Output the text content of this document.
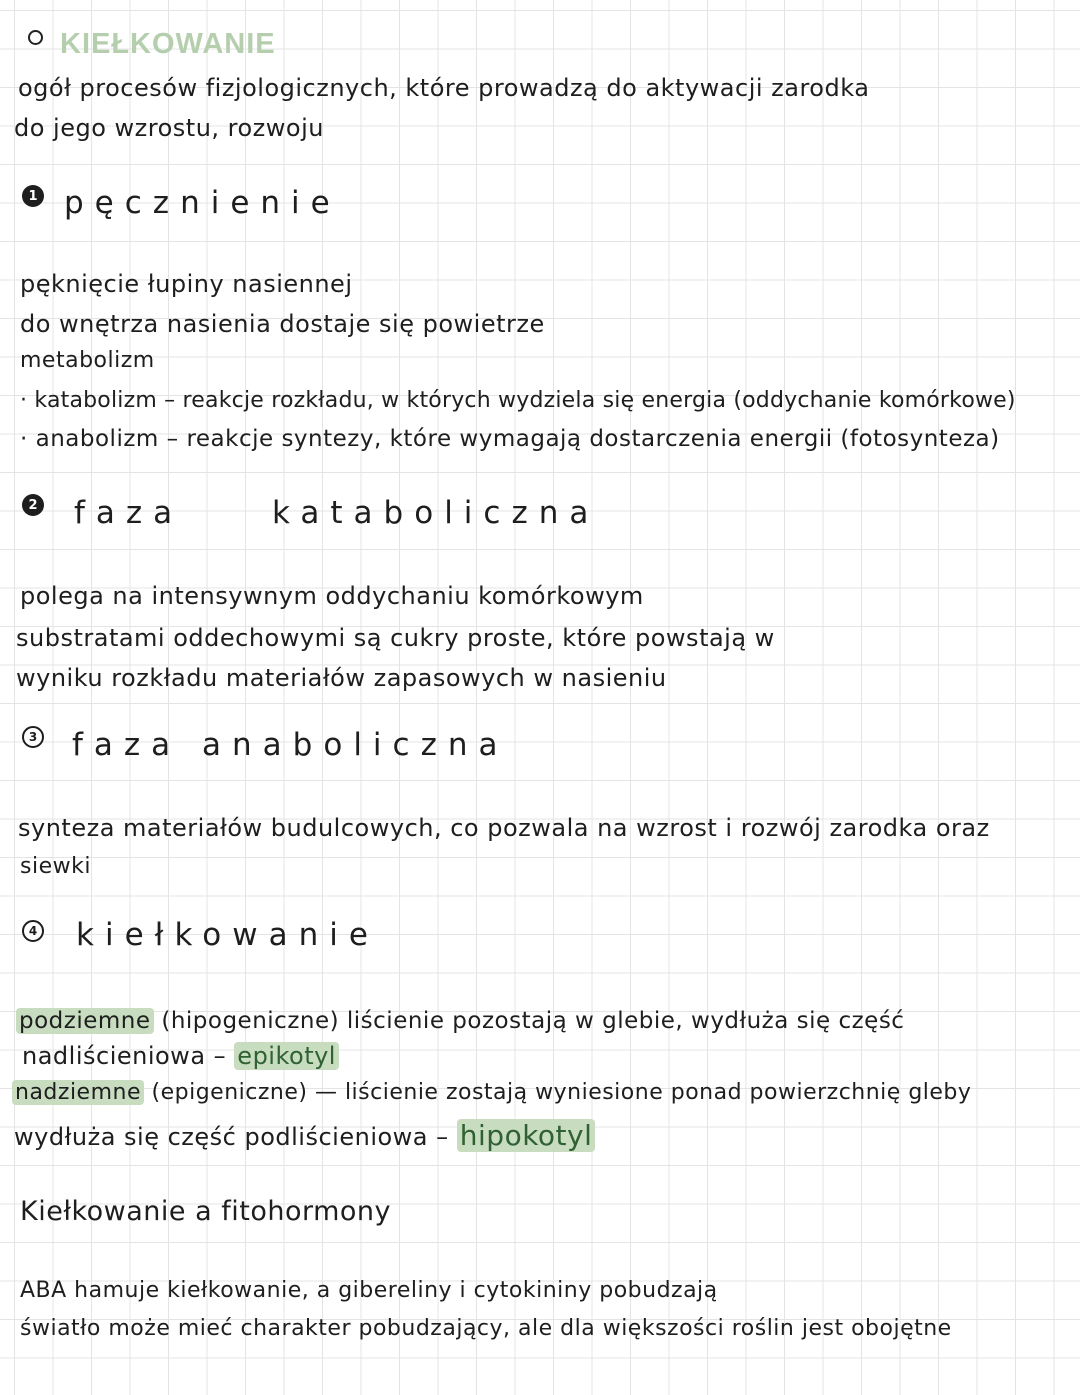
KIEŁKOWANIE
ogół procesów fizjologicznych, które prowadzą do aktywacji zarodka
do jego wzrostu, rozwoju
1 pęcznienie
pęknięcie łupiny nasiennej
do wnętrza nasienia dostaje się powietrze
metabolizm
· katabolizm – reakcje rozkładu, w których wydziela się energia (oddychanie komórkowe)
· anabolizm – reakcje syntezy, które wymagają dostarczenia energii (fotosynteza)
2 faza	kataboliczna
polega na intensywnym oddychaniu komórkowym
substratami oddechowymi są cukry proste, które powstają w
wyniku rozkładu materiałów zapasowych w nasieniu
3 faza anaboliczna
synteza materiałów budulcowych, co pozwala na wzrost i rozwój zarodka oraz
siewki
4 kiełkowanie
podziemne (hipogeniczne) liścienie pozostają w glebie, wydłuża się część
nadliścieniowa – epikotyl
nadziemne (epigeniczne) — liścienie zostają wyniesione ponad powierzchnię gleby
wydłuża się część podliścieniowa – hipokotyl
Kiełkowanie a fitohormony
ABA hamuje kiełkowanie, a gibereliny i cytokininy pobudzają
światło może mieć charakter pobudzający, ale dla większości roślin jest obojętne
